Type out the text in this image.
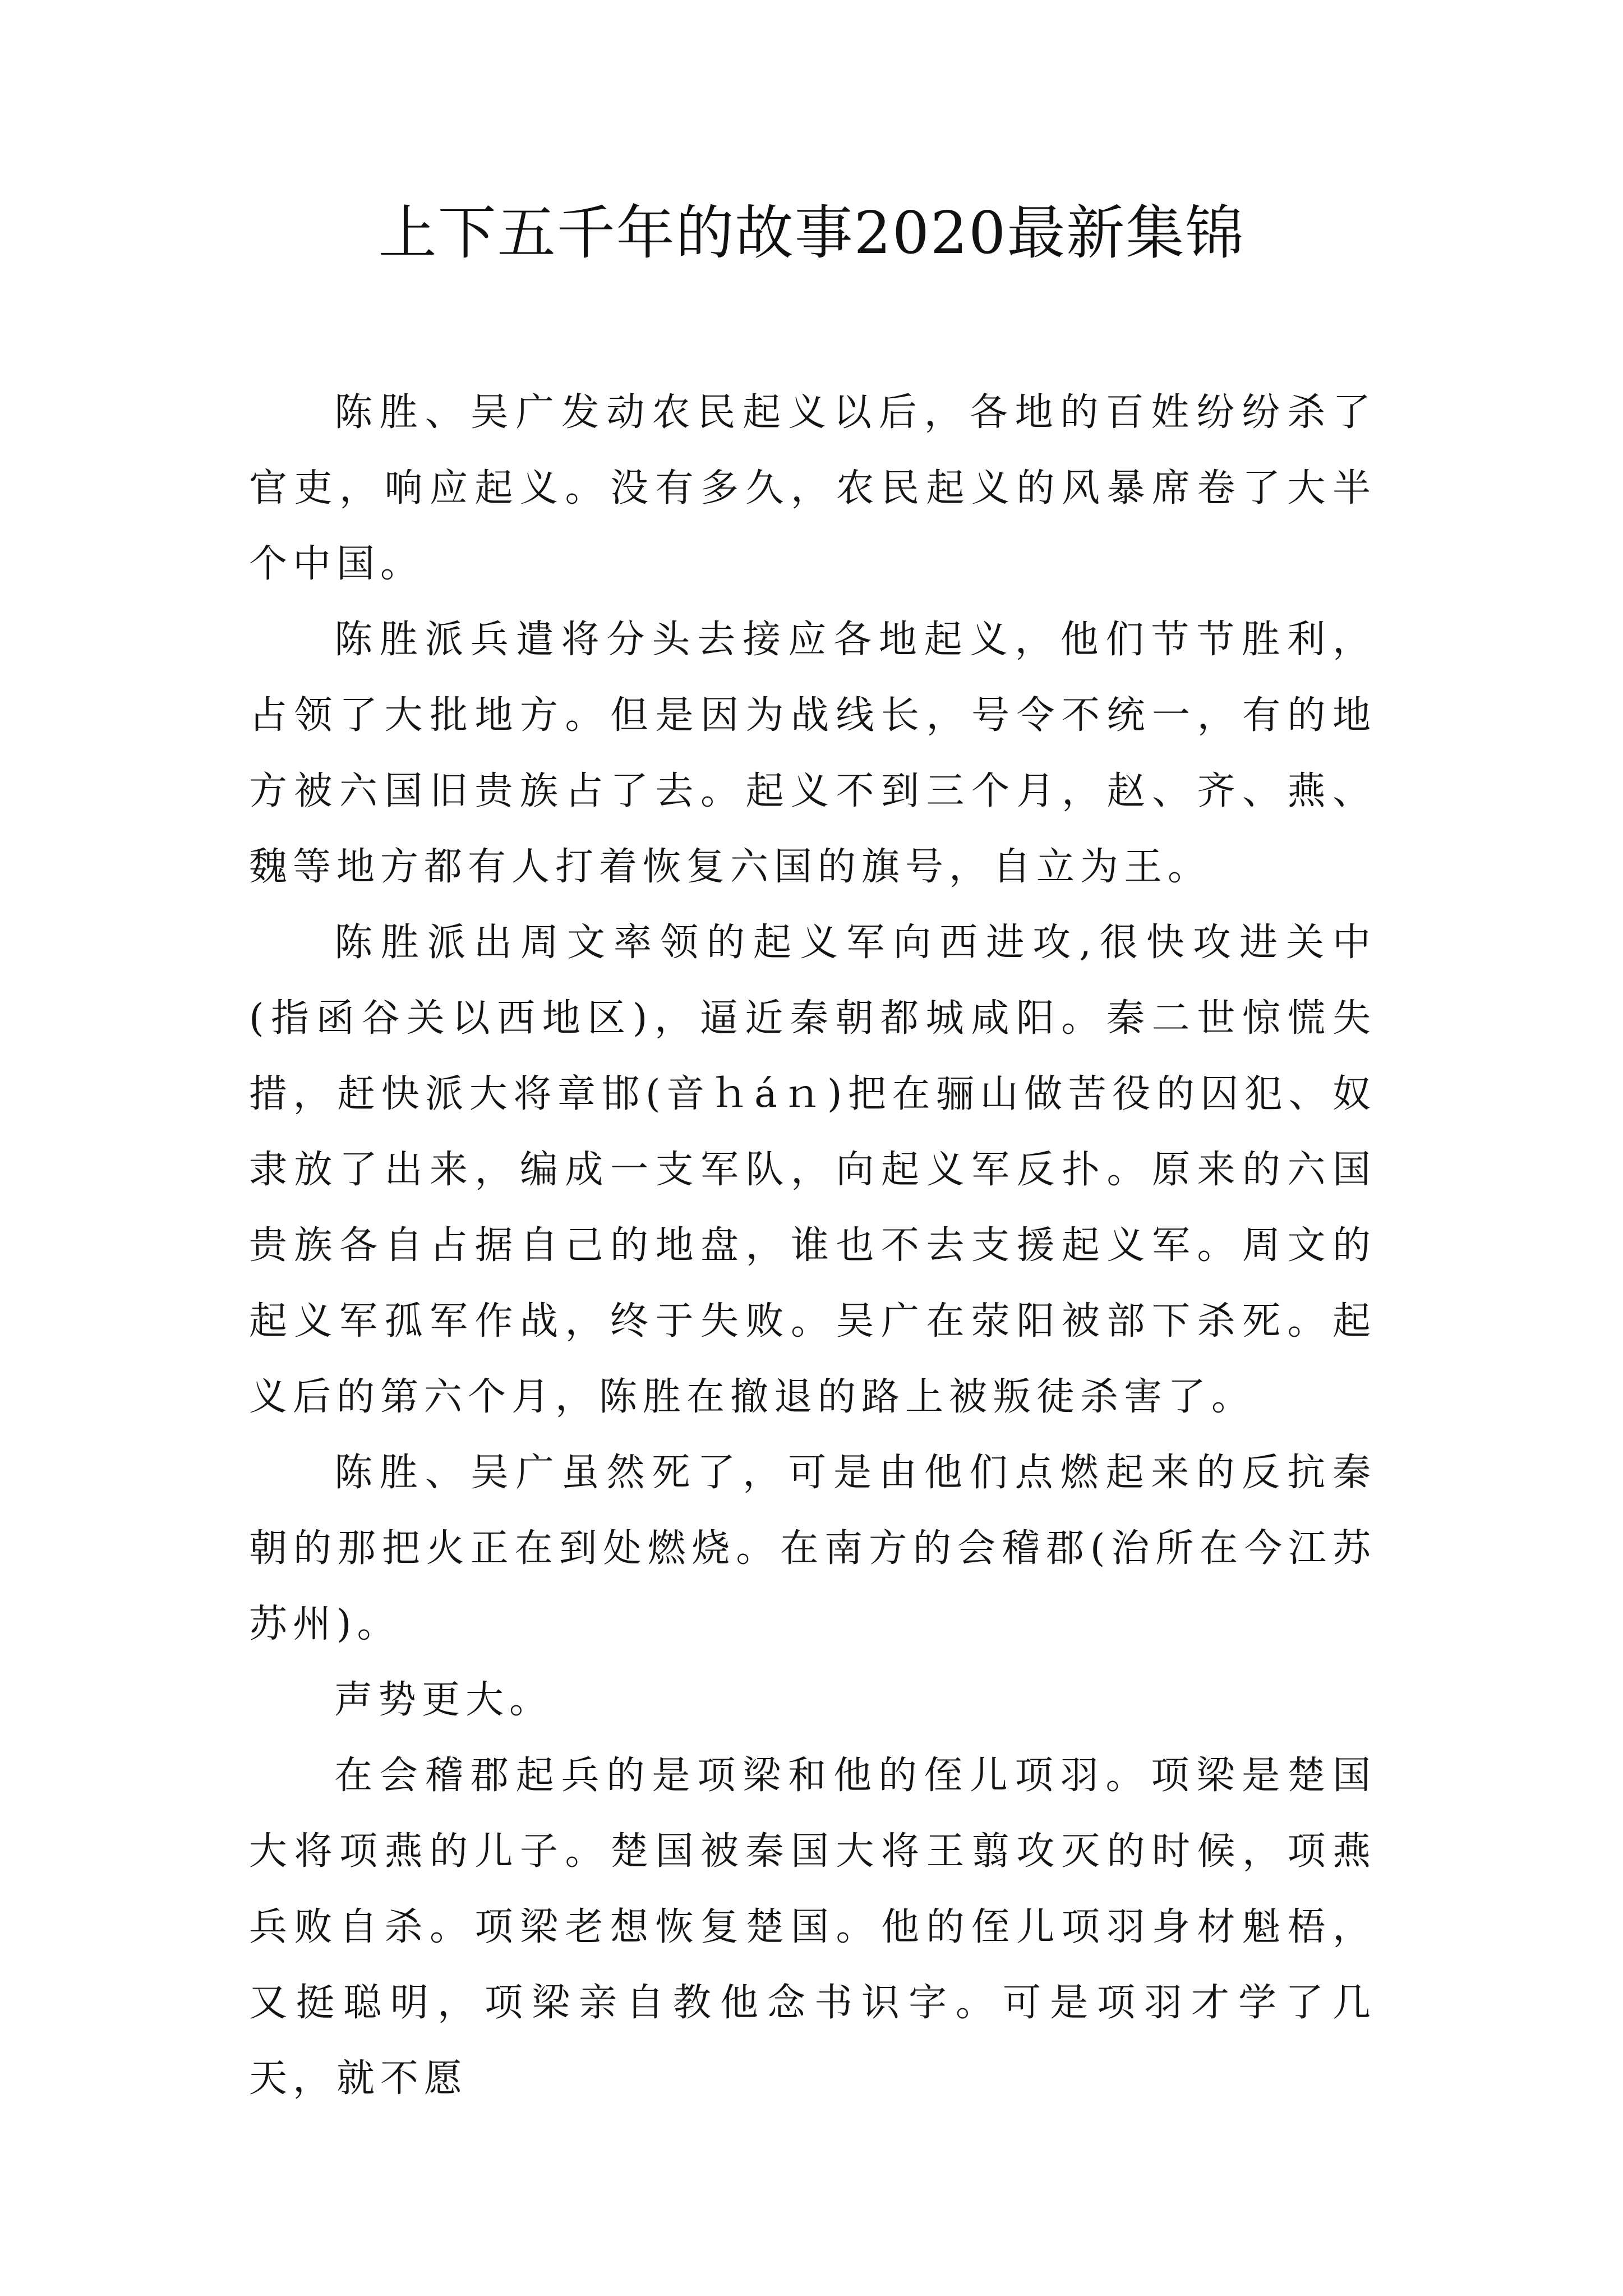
上下五千年的故事2020最新集锦

陈胜、吴广发动农民起义以后，各地的百姓纷纷杀了官吏，响应起义。没有多久，农民起义的风暴席卷了大半个中国。

陈胜派兵遣将分头去接应各地起义，他们节节胜利，占领了大批地方。但是因为战线长，号令不统一，有的地方被六国旧贵族占了去。起义不到三个月，赵、齐、燕、魏等地方都有人打着恢复六国的旗号，自立为王。

陈胜派出周文率领的起义军向西进攻,很快攻进关中(指函谷关以西地区)，逼近秦朝都城咸阳。秦二世惊慌失措，赶快派大将章邯(音ｈáｎ)把在骊山做苦役的囚犯、奴隶放了出来，编成一支军队，向起义军反扑。原来的六国贵族各自占据自己的地盘，谁也不去支援起义军。周文的起义军孤军作战，终于失败。吴广在荥阳被部下杀死。起义后的第六个月，陈胜在撤退的路上被叛徒杀害了。

陈胜、吴广虽然死了，可是由他们点燃起来的反抗秦朝的那把火正在到处燃烧。在南方的会稽郡(治所在今江苏苏州)。

声势更大。

在会稽郡起兵的是项梁和他的侄儿项羽。项梁是楚国大将项燕的儿子。楚国被秦国大将王翦攻灭的时候，项燕兵败自杀。项梁老想恢复楚国。他的侄儿项羽身材魁梧，又挺聪明，项梁亲自教他念书识字。可是项羽才学了几天，就不愿
